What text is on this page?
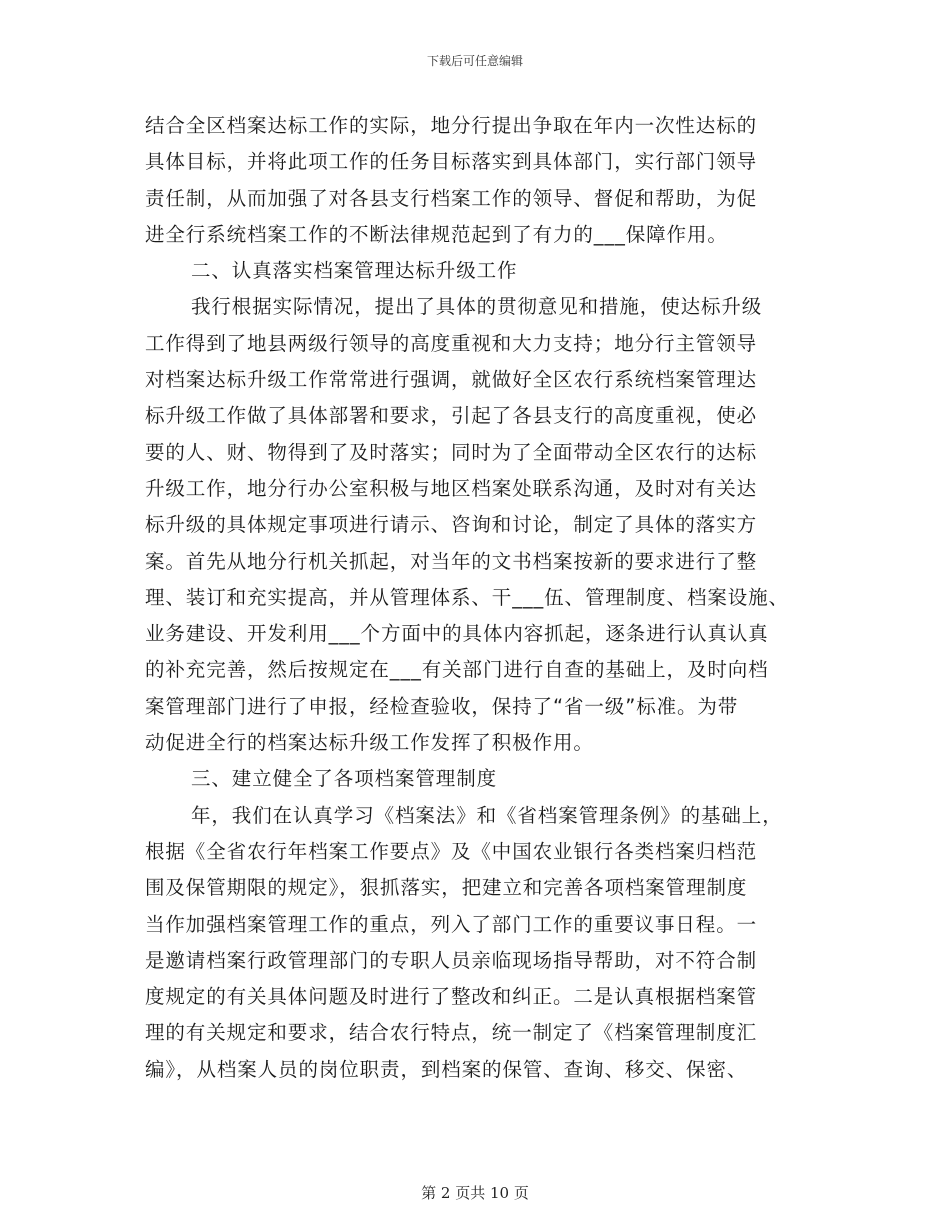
下载后可任意编辑
结合全区档案达标工作的实际，地分行提出争取在年内一次性达标的
具体目标，并将此项工作的任务目标落实到具体部门，实行部门领导
责任制，从而加强了对各县支行档案工作的领导、督促和帮助，为促
进全行系统档案工作的不断法律规范起到了有力的___保障作用。
二、认真落实档案管理达标升级工作
我行根据实际情况，提出了具体的贯彻意见和措施，使达标升级
工作得到了地县两级行领导的高度重视和大力支持；地分行主管领导
对档案达标升级工作常常进行强调，就做好全区农行系统档案管理达
标升级工作做了具体部署和要求，引起了各县支行的高度重视，使必
要的人、财、物得到了及时落实；同时为了全面带动全区农行的达标
升级工作，地分行办公室积极与地区档案处联系沟通，及时对有关达
标升级的具体规定事项进行请示、咨询和讨论，制定了具体的落实方
案。首先从地分行机关抓起，对当年的文书档案按新的要求进行了整
理、装订和充实提高，并从管理体系、干___伍、管理制度、档案设施、
业务建设、开发利用___个方面中的具体内容抓起，逐条进行认真认真
的补充完善，然后按规定在___有关部门进行自查的基础上，及时向档
案管理部门进行了申报，经检查验收，保持了“省一级”标准。为带
动促进全行的档案达标升级工作发挥了积极作用。
三、建立健全了各项档案管理制度
年，我们在认真学习《档案法》和《省档案管理条例》的基础上，
根据《全省农行年档案工作要点》及《中国农业银行各类档案归档范
围及保管期限的规定》，狠抓落实，把建立和完善各项档案管理制度
当作加强档案管理工作的重点，列入了部门工作的重要议事日程。一
是邀请档案行政管理部门的专职人员亲临现场指导帮助，对不符合制
度规定的有关具体问题及时进行了整改和纠正。二是认真根据档案管
理的有关规定和要求，结合农行特点，统一制定了《档案管理制度汇
编》，从档案人员的岗位职责，到档案的保管、查询、移交、保密、
第 2 页共 10 页
